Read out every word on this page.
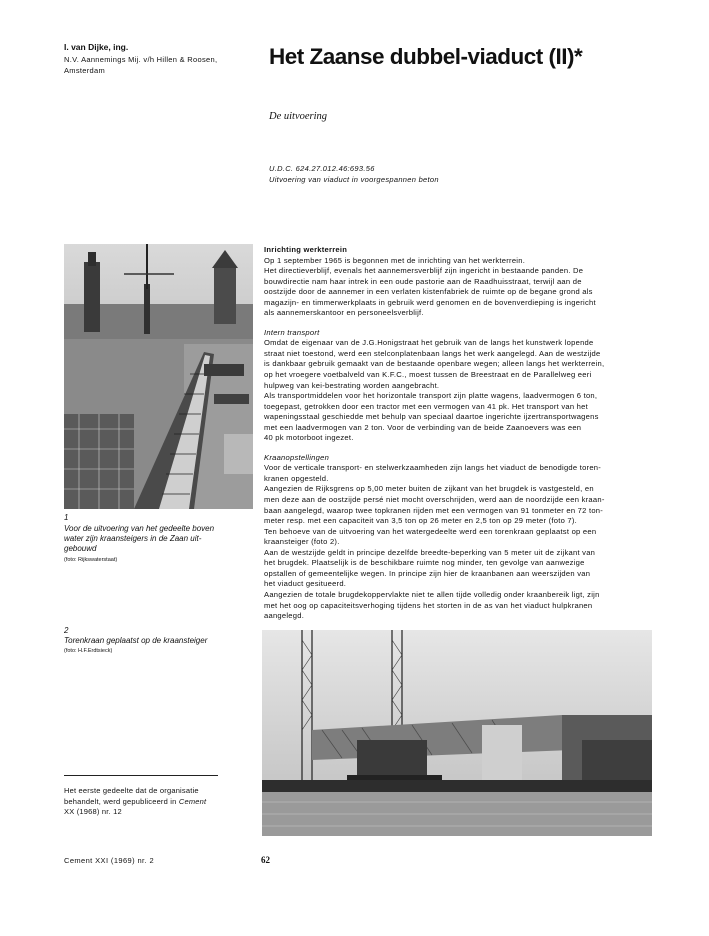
I. van Dijke, ing.
N.V. Aannemings Mij. v/h Hillen & Roosen,
Amsterdam
Het Zaanse dubbel-viaduct (II)*
De uitvoering
U.D.C. 624.27.012.46:693.56
Uitvoering van viaduct in voorgespannen beton
1
Voor de uitvoering van het gedeelte boven
water zijn kraansteigers in de Zaan uit-
gebouwd
(foto: Rijkswaterstaat)
2
Torenkraan geplaatst op de kraansteiger
(foto: H.F.Erdtsieck)

Inrichting werkterrein

Op 1 september 1965 is begonnen met de inrichting van het werkterrein.

Het directieverblijf, evenals het aannemersverblijf zijn ingericht in bestaande panden. De

bouwdirectie nam haar intrek in een oude pastorie aan de Raadhuisstraat, terwijl aan de

oostzijde door de aannemer in een verlaten kistenfabriek de ruimte op de begane grond als

magazijn- en timmerwerkplaats in gebruik werd genomen en de bovenverdieping is ingericht

als aannemerskantoor en personeelsverblijf.

Intern transport

Omdat de eigenaar van de J.G.Honigstraat het gebruik van de langs het kunstwerk lopende

straat niet toestond, werd een stelconplatenbaan langs het werk aangelegd. Aan de westzijde

is dankbaar gebruik gemaakt van de bestaande openbare wegen; alleen langs het werkterrein,

op het vroegere voetbalveld van K.F.C., moest tussen de Breestraat en de Parallelweg eeri

hulpweg van kei-bestrating worden aangebracht.

Als transportmiddelen voor het horizontale transport zijn platte wagens, laadvermogen 6 ton,

toegepast, getrokken door een tractor met een vermogen van 41 pk. Het transport van het

wapeningsstaal geschiedde met behulp van speciaal daartoe ingerichte ijzertransportwagens

met een laadvermogen van 2 ton. Voor de verbinding van de beide Zaanoevers was een

40 pk motorboot ingezet.

Kraanopstellingen

Voor de verticale transport- en stelwerkzaamheden zijn langs het viaduct de benodigde toren-

kranen opgesteld.

Aangezien de Rijksgrens op 5,00 meter buiten de zijkant van het brugdek is vastgesteld, en

men deze aan de oostzijde persé niet mocht overschrijden, werd aan de noordzijde een kraan-

baan aangelegd, waarop twee topkranen rijden met een vermogen van 91 tonmeter en 72 ton-

meter resp. met een capaciteit van 3,5 ton op 26 meter en 2,5 ton op 29 meter (foto 7).

Ten behoeve van de uitvoering van het watergedeelte werd een torenkraan geplaatst op een

kraansteiger (foto 2).

Aan de westzijde geldt in principe dezelfde breedte-beperking van 5 meter uit de zijkant van

het brugdek. Plaatselijk is de beschikbare ruimte nog minder, ten gevolge van aanwezige

opstallen of gemeentelijke wegen. In principe zijn hier de kraanbanen aan weerszijden van

het viaduct gesitueerd.

Aangezien de totale brugdekoppervlakte niet te allen tijde volledig onder kraanbereik ligt, zijn

met het oog op capaciteitsverhoging tijdens het storten in de as van het viaduct hulpkranen

aangelegd.

Het eerste gedeelte dat de organisatie
behandelt, werd gepubliceerd in Cement
XX (1968) nr. 12
Cement XXI (1969) nr. 2	62
